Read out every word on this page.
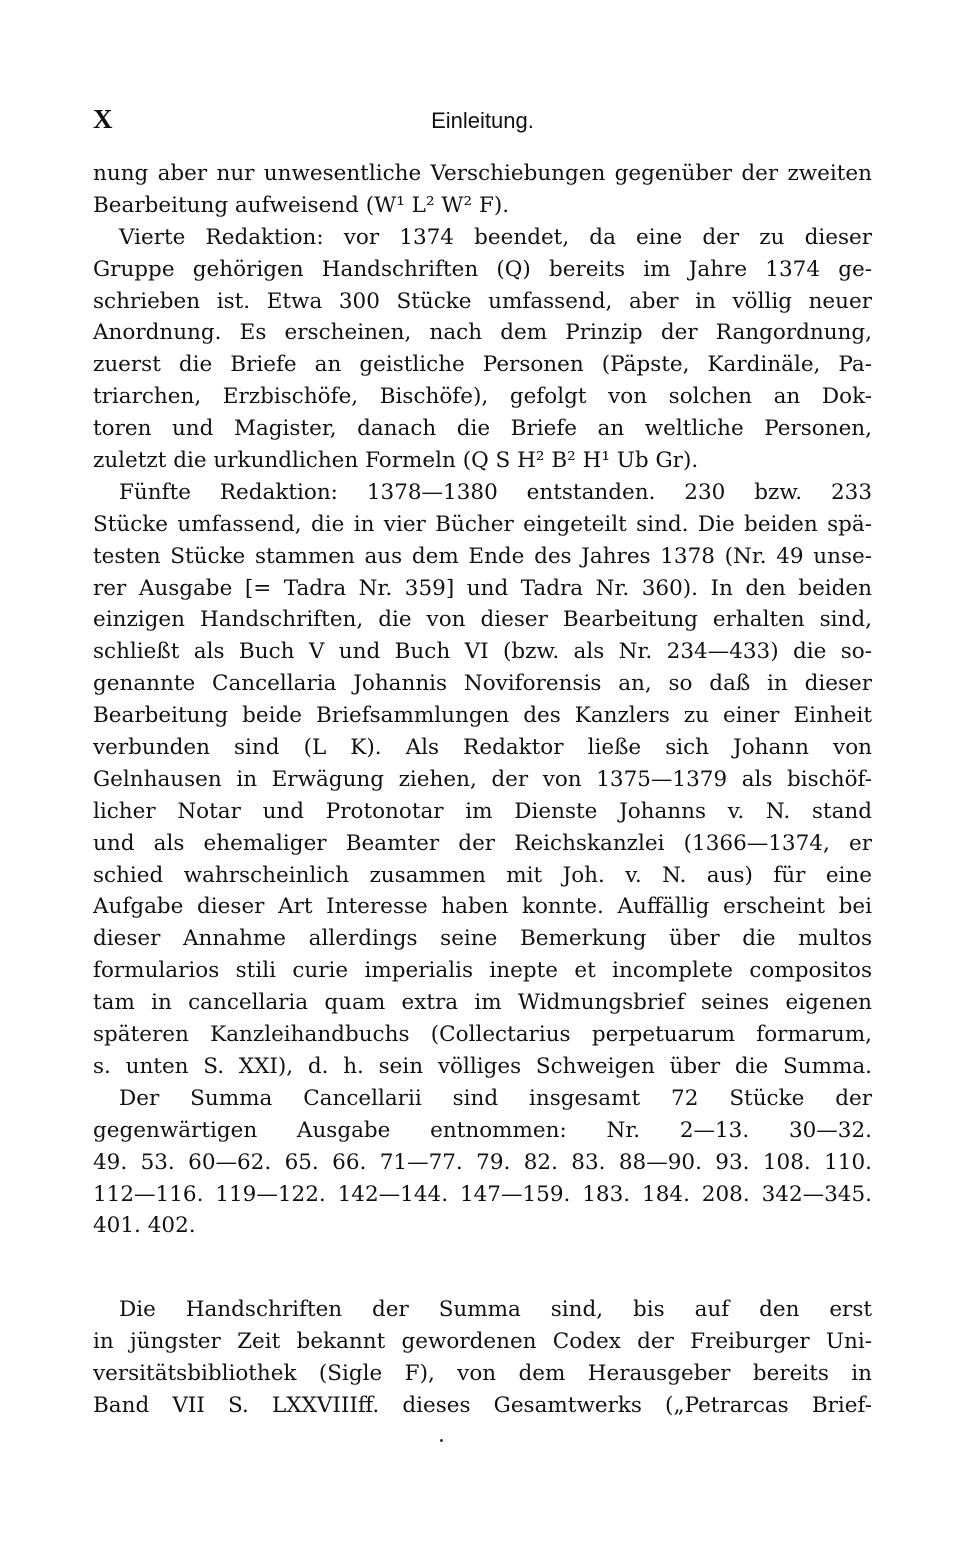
X	Einleitung.
nung aber nur unwesentliche Verschiebungen gegenüber der zweiten
Bearbeitung aufweisend (W¹ L² W² F).
Vierte Redaktion: vor 1374 beendet, da eine der zu dieser
Gruppe gehörigen Handschriften (Q) bereits im Jahre 1374 ge-
schrieben ist. Etwa 300 Stücke umfassend, aber in völlig neuer
Anordnung. Es erscheinen, nach dem Prinzip der Rangordnung,
zuerst die Briefe an geistliche Personen (Päpste, Kardinäle, Pa-
triarchen, Erzbischöfe, Bischöfe), gefolgt von solchen an Dok-
toren und Magister, danach die Briefe an weltliche Personen,
zuletzt die urkundlichen Formeln (Q S H² B² H¹ Ub Gr).
Fünfte Redaktion: 1378—1380 entstanden. 230 bzw. 233
Stücke umfassend, die in vier Bücher eingeteilt sind. Die beiden spä-
testen Stücke stammen aus dem Ende des Jahres 1378 (Nr. 49 unse-
rer Ausgabe [= Tadra Nr. 359] und Tadra Nr. 360). In den beiden
einzigen Handschriften, die von dieser Bearbeitung erhalten sind,
schließt als Buch V und Buch VI (bzw. als Nr. 234—433) die so-
genannte Cancellaria Johannis Noviforensis an, so daß in dieser
Bearbeitung beide Briefsammlungen des Kanzlers zu einer Einheit
verbunden sind (L K). Als Redaktor ließe sich Johann von
Gelnhausen in Erwägung ziehen, der von 1375—1379 als bischöf-
licher Notar und Protonotar im Dienste Johanns v. N. stand
und als ehemaliger Beamter der Reichskanzlei (1366—1374, er
schied wahrscheinlich zusammen mit Joh. v. N. aus) für eine
Aufgabe dieser Art Interesse haben konnte. Auffällig erscheint bei
dieser Annahme allerdings seine Bemerkung über die multos
formularios stili curie imperialis inepte et incomplete compositos
tam in cancellaria quam extra im Widmungsbrief seines eigenen
späteren Kanzleihandbuchs (Collectarius perpetuarum formarum,
s. unten S. XXI), d. h. sein völliges Schweigen über die Summa.
Der Summa Cancellarii sind insgesamt 72 Stücke der
gegenwärtigen Ausgabe entnommen: Nr. 2—13. 30—32.
49. 53. 60—62. 65. 66. 71—77. 79. 82. 83. 88—90. 93. 108. 110.
112—116. 119—122. 142—144. 147—159. 183. 184. 208. 342—345.
401. 402.
Die Handschriften der Summa sind, bis auf den erst
in jüngster Zeit bekannt gewordenen Codex der Freiburger Uni-
versitätsbibliothek (Sigle F), von dem Herausgeber bereits in
Band VII S. LXXVIIIff. dieses Gesamtwerks („Petrarcas Brief-
